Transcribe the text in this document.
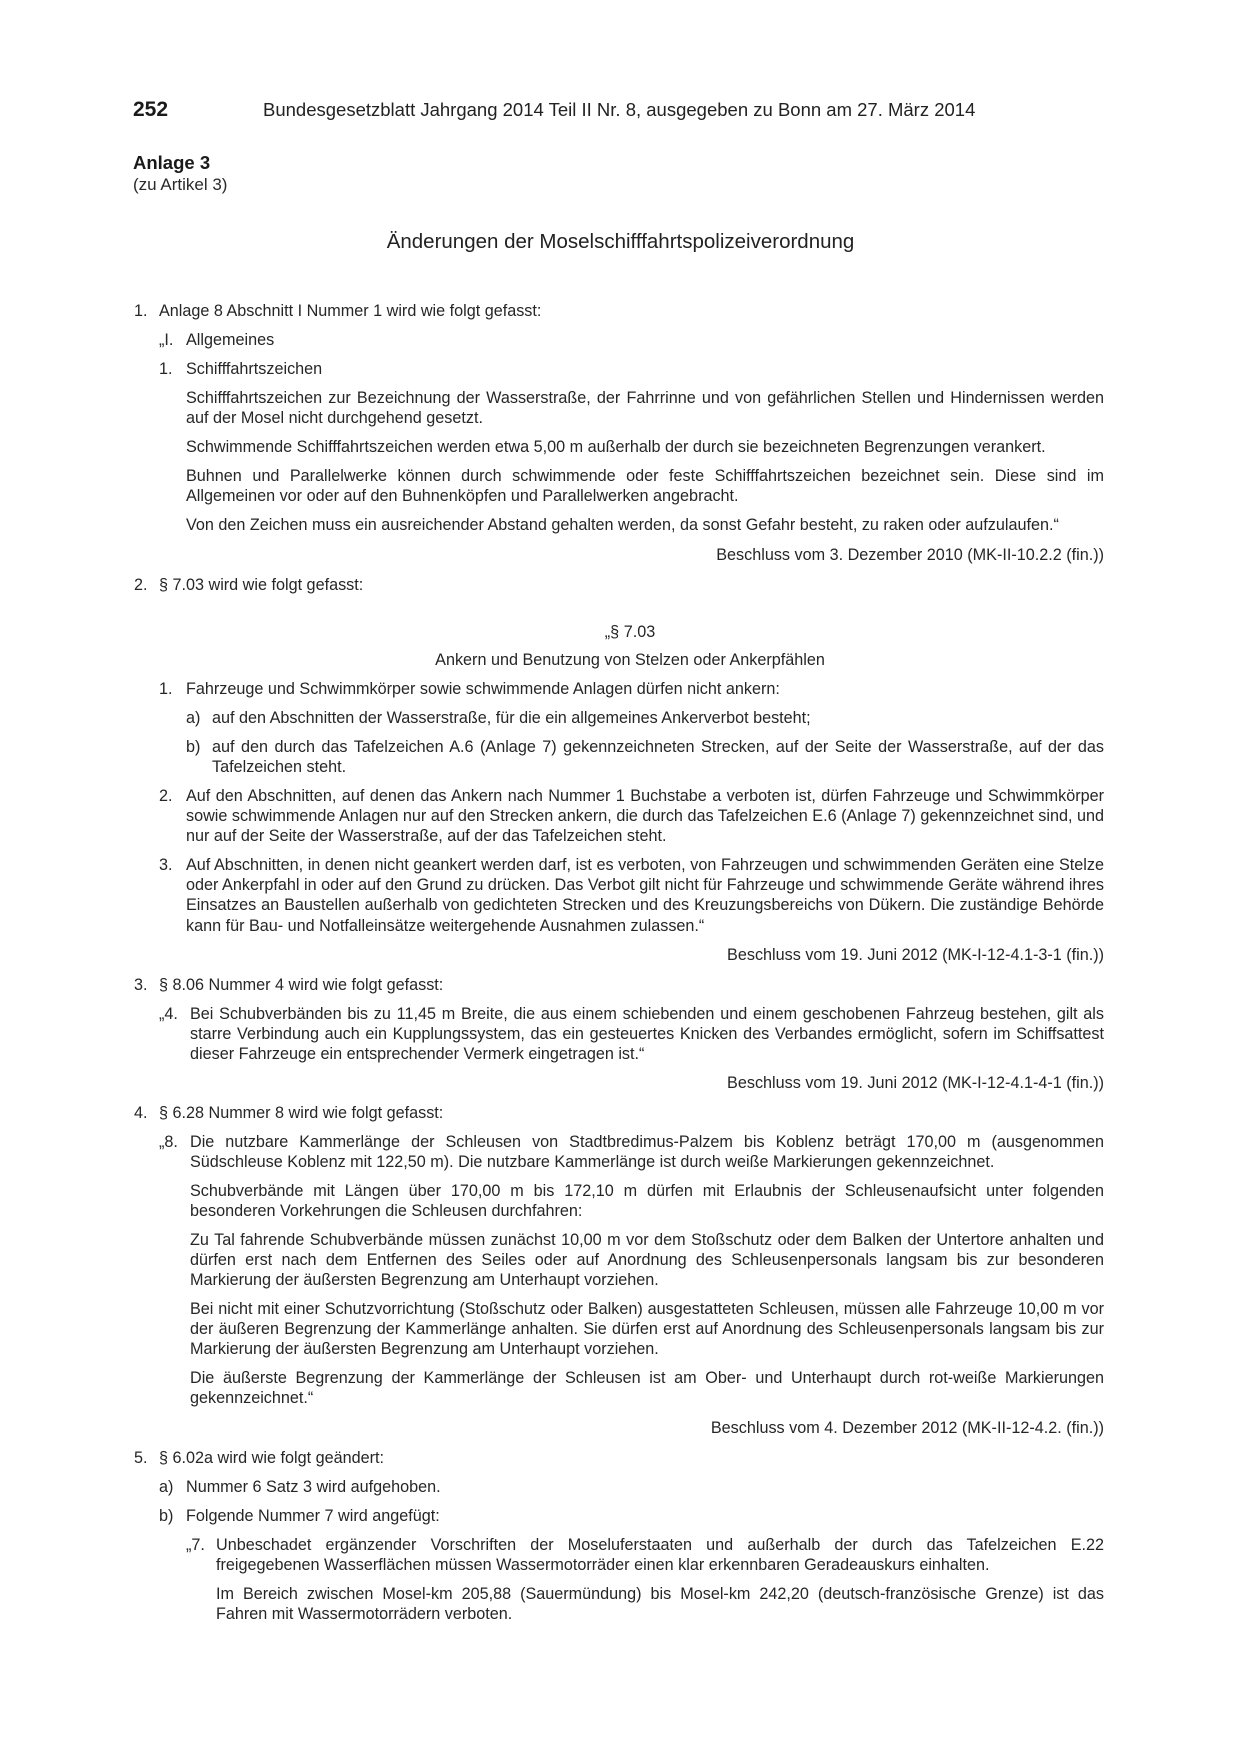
252	Bundesgesetzblatt Jahrgang 2014 Teil II Nr. 8, ausgegeben zu Bonn am 27. März 2014
Anlage 3
(zu Artikel 3)
Änderungen der Moselschifffahrtspolizeiverordnung
1. Anlage 8 Abschnitt I Nummer 1 wird wie folgt gefasst:
„I. Allgemeines
1. Schifffahrtszeichen
Schifffahrtszeichen zur Bezeichnung der Wasserstraße, der Fahrrinne und von gefährlichen Stellen und Hindernissen werden auf der Mosel nicht durchgehend gesetzt.
Schwimmende Schifffahrtszeichen werden etwa 5,00 m außerhalb der durch sie bezeichneten Begrenzungen verankert.
Buhnen und Parallelwerke können durch schwimmende oder feste Schifffahrtszeichen bezeichnet sein. Diese sind im Allgemeinen vor oder auf den Buhnenköpfen und Parallelwerken angebracht.
Von den Zeichen muss ein ausreichender Abstand gehalten werden, da sonst Gefahr besteht, zu raken oder aufzulaufen.“
Beschluss vom 3. Dezember 2010 (MK-II-10.2.2 (fin.))
2. § 7.03 wird wie folgt gefasst:
„§ 7.03
Ankern und Benutzung von Stelzen oder Ankerpfählen
1. Fahrzeuge und Schwimmkörper sowie schwimmende Anlagen dürfen nicht ankern:
a) auf den Abschnitten der Wasserstraße, für die ein allgemeines Ankerverbot besteht;
b) auf den durch das Tafelzeichen A.6 (Anlage 7) gekennzeichneten Strecken, auf der Seite der Wasserstraße, auf der das Tafelzeichen steht.
2. Auf den Abschnitten, auf denen das Ankern nach Nummer 1 Buchstabe a verboten ist, dürfen Fahrzeuge und Schwimmkörper sowie schwimmende Anlagen nur auf den Strecken ankern, die durch das Tafelzeichen E.6 (Anlage 7) gekennzeichnet sind, und nur auf der Seite der Wasserstraße, auf der das Tafelzeichen steht.
3. Auf Abschnitten, in denen nicht geankert werden darf, ist es verboten, von Fahrzeugen und schwimmenden Geräten eine Stelze oder Ankerpfahl in oder auf den Grund zu drücken. Das Verbot gilt nicht für Fahrzeuge und schwimmende Geräte während ihres Einsatzes an Baustellen außerhalb von gedichteten Strecken und des Kreuzungsbereichs von Dükern. Die zuständige Behörde kann für Bau- und Notfalleinsätze weitergehende Ausnahmen zulassen.“
Beschluss vom 19. Juni 2012 (MK-I-12-4.1-3-1 (fin.))
3. § 8.06 Nummer 4 wird wie folgt gefasst:
„4. Bei Schubverbänden bis zu 11,45 m Breite, die aus einem schiebenden und einem geschobenen Fahrzeug bestehen, gilt als starre Verbindung auch ein Kupplungssystem, das ein gesteuertes Knicken des Verbandes ermöglicht, sofern im Schiffsattest dieser Fahrzeuge ein entsprechender Vermerk eingetragen ist.“
Beschluss vom 19. Juni 2012 (MK-I-12-4.1-4-1 (fin.))
4. § 6.28 Nummer 8 wird wie folgt gefasst:
„8. Die nutzbare Kammerlänge der Schleusen von Stadtbredimus-Palzem bis Koblenz beträgt 170,00 m (ausgenommen Südschleuse Koblenz mit 122,50 m). Die nutzbare Kammerlänge ist durch weiße Markierungen gekennzeichnet.
Schubverbände mit Längen über 170,00 m bis 172,10 m dürfen mit Erlaubnis der Schleusenaufsicht unter folgenden besonderen Vorkehrungen die Schleusen durchfahren:
Zu Tal fahrende Schubverbände müssen zunächst 10,00 m vor dem Stoßschutz oder dem Balken der Untertore anhalten und dürfen erst nach dem Entfernen des Seiles oder auf Anordnung des Schleusenpersonals langsam bis zur besonderen Markierung der äußersten Begrenzung am Unterhaupt vorziehen.
Bei nicht mit einer Schutzvorrichtung (Stoßschutz oder Balken) ausgestatteten Schleusen, müssen alle Fahrzeuge 10,00 m vor der äußeren Begrenzung der Kammerlänge anhalten. Sie dürfen erst auf Anordnung des Schleusenpersonals langsam bis zur Markierung der äußersten Begrenzung am Unterhaupt vorziehen.
Die äußerste Begrenzung der Kammerlänge der Schleusen ist am Ober- und Unterhaupt durch rot-weiße Markierungen gekennzeichnet.“
Beschluss vom 4. Dezember 2012 (MK-II-12-4.2. (fin.))
5. § 6.02a wird wie folgt geändert:
a) Nummer 6 Satz 3 wird aufgehoben.
b) Folgende Nummer 7 wird angefügt:
„7. Unbeschadet ergänzender Vorschriften der Moseluferstaaten und außerhalb der durch das Tafelzeichen E.22 freigegebenen Wasserflächen müssen Wassermotorräder einen klar erkennbaren Geradeauskurs einhalten.
Im Bereich zwischen Mosel-km 205,88 (Sauermündung) bis Mosel-km 242,20 (deutsch-französische Grenze) ist das Fahren mit Wassermotorrädern verboten.
